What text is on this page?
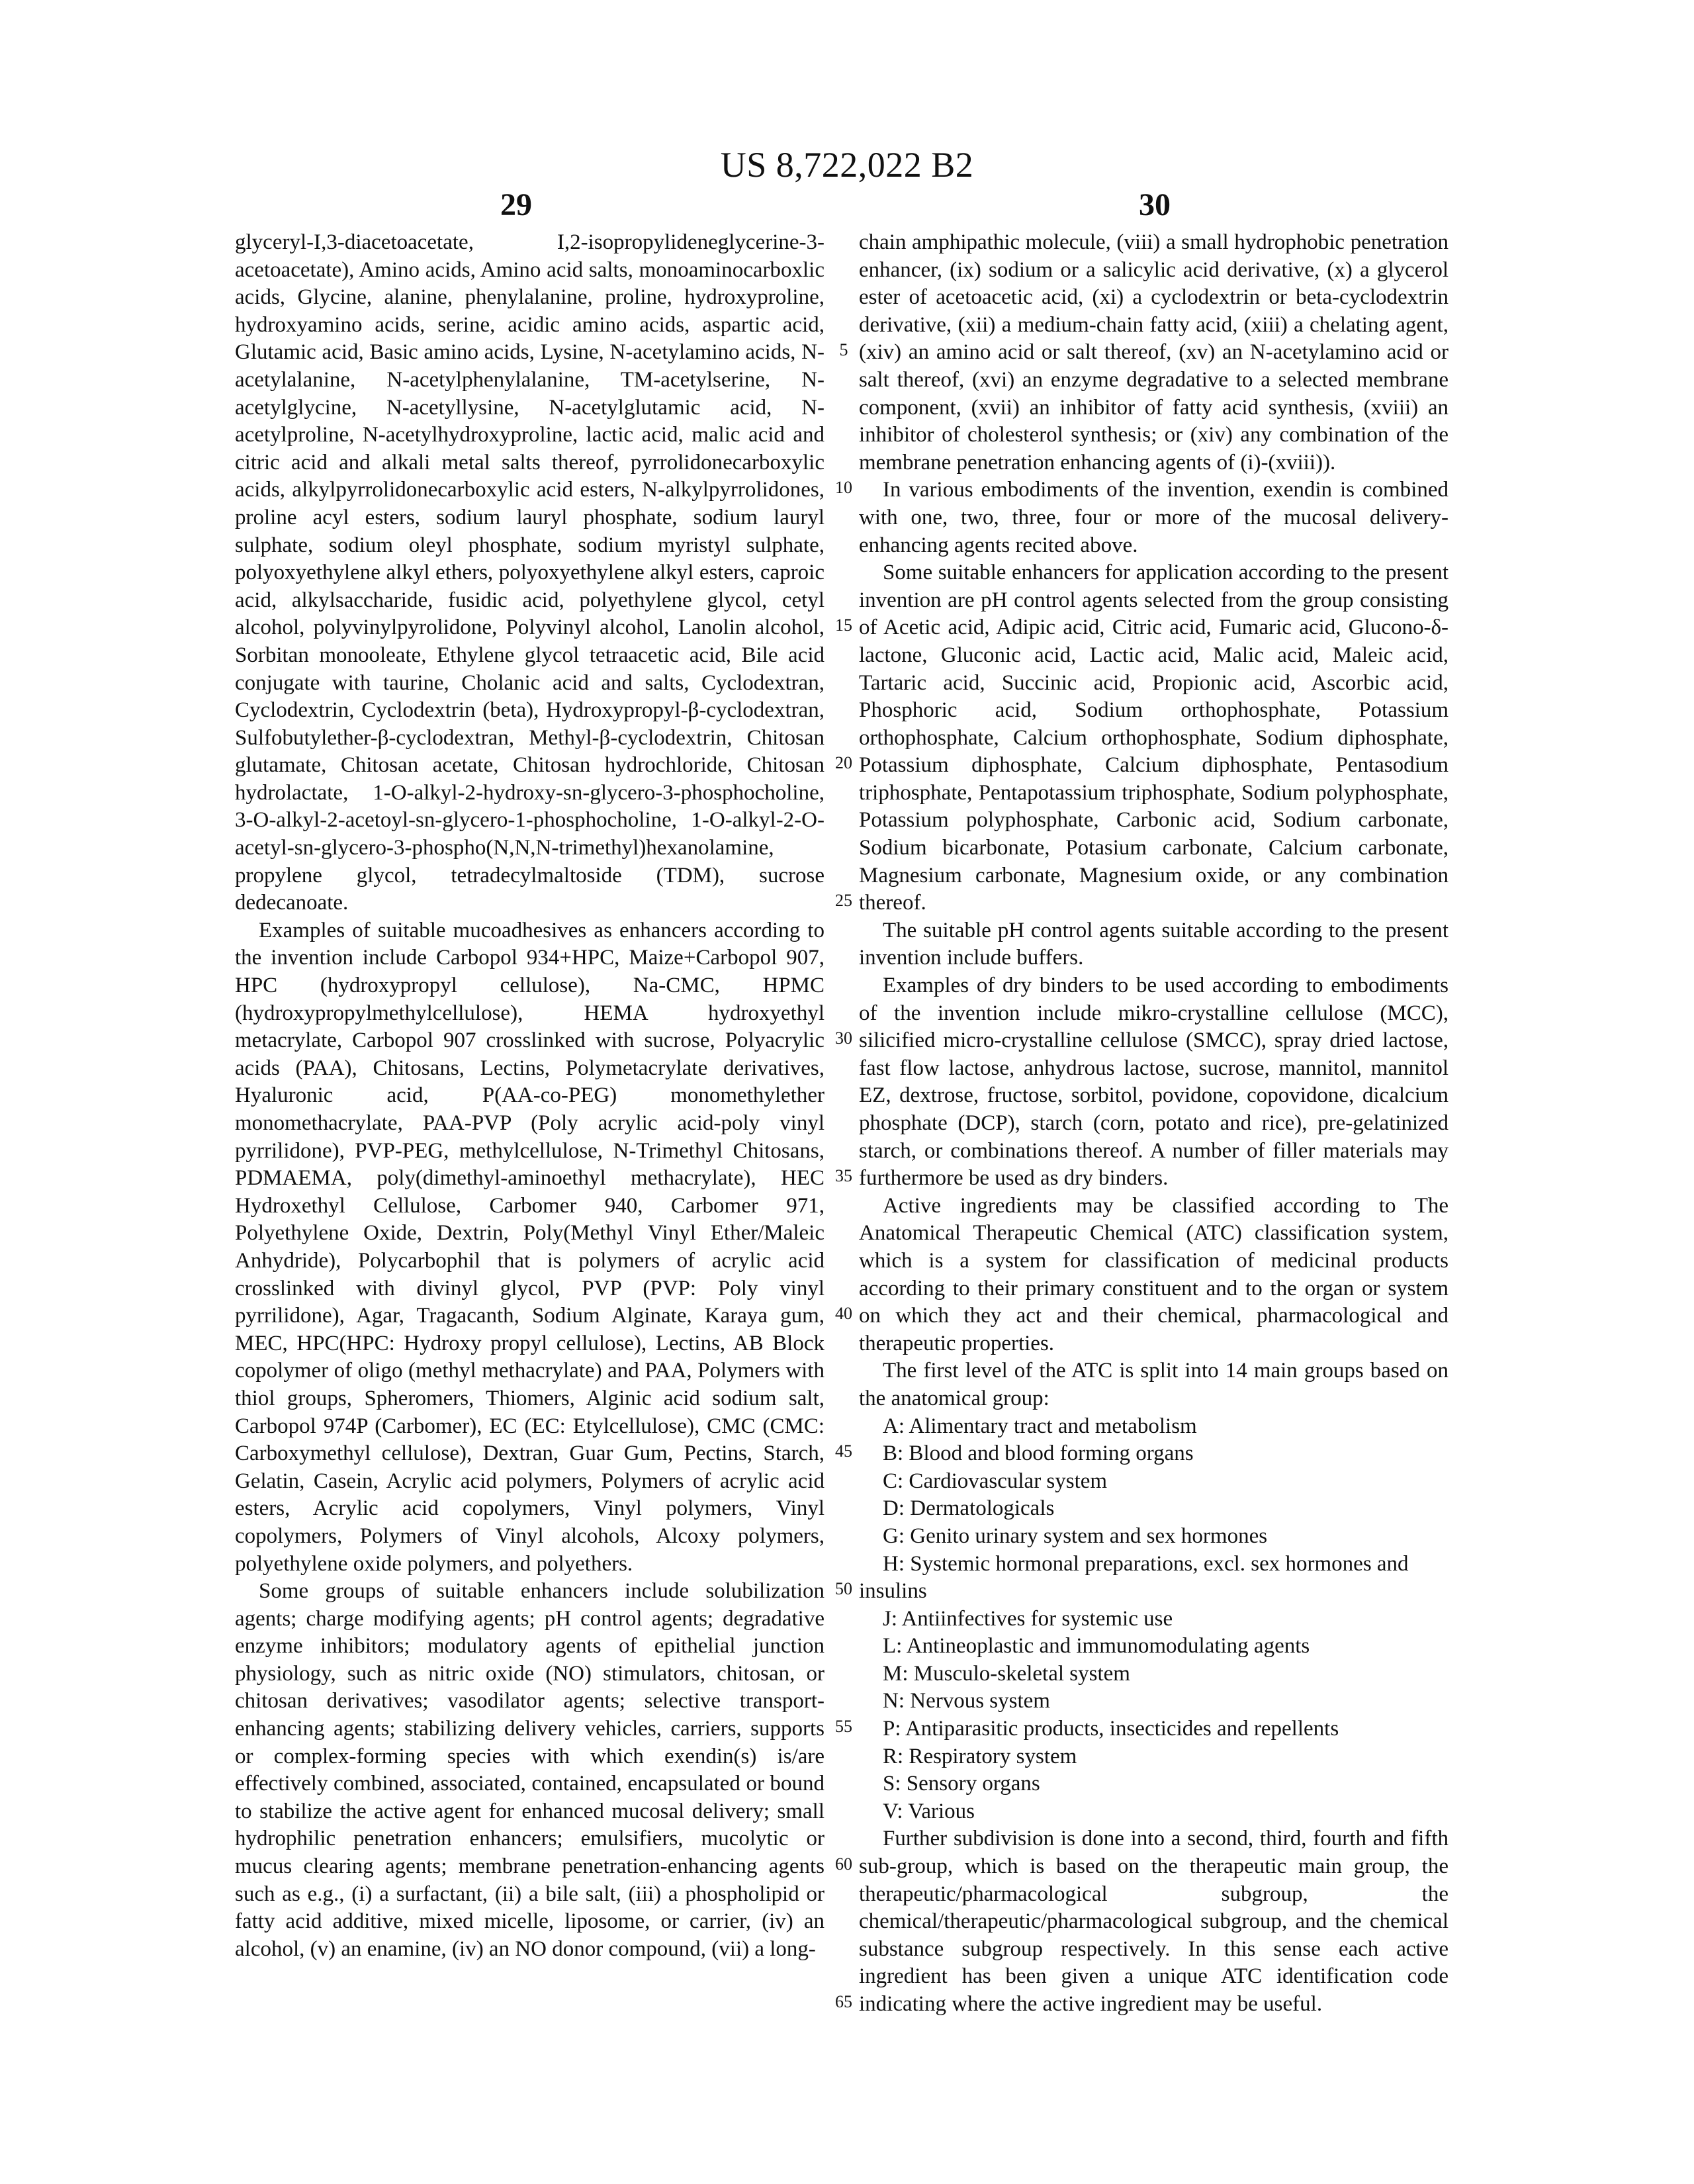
US 8,722,022 B2
29	30

glyceryl-I,3-diacetoacetate, I,2-isopropylideneglycerine-3-acetoacetate), Amino acids, Amino acid salts, monoaminocarboxlic acids, Glycine, alanine, phenylalanine, proline, hydroxyproline, hydroxyamino acids, serine, acidic amino acids, aspartic acid, Glutamic acid, Basic amino acids, Lysine, N-acetylamino acids, N-acetylalanine, N-acetylphenylalanine, TM-acetylserine, N-acetylglycine, N-acetyllysine, N-acetylglutamic acid, N-acetylproline, N-acetylhydroxyproline, lactic acid, malic acid and citric acid and alkali metal salts thereof, pyrrolidonecarboxylic acids, alkylpyrrolidonecarboxylic acid esters, N-alkylpyrrolidones, proline acyl esters, sodium lauryl phosphate, sodium lauryl sulphate, sodium oleyl phosphate, sodium myristyl sulphate, polyoxyethylene alkyl ethers, polyoxyethylene alkyl esters, caproic acid, alkylsaccharide, fusidic acid, polyethylene glycol, cetyl alcohol, polyvinylpyrolidone, Polyvinyl alcohol, Lanolin alcohol, Sorbitan monooleate, Ethylene glycol tetraacetic acid, Bile acid conjugate with taurine, Cholanic acid and salts, Cyclodextran, Cyclodextrin, Cyclodextrin (beta), Hydroxypropyl-β-cyclodextran, Sulfobutylether-β-cyclodextran, Methyl-β-cyclodextrin, Chitosan glutamate, Chitosan acetate, Chitosan hydrochloride, Chitosan hydrolactate, 1-O-alkyl-2-hydroxy-sn-glycero-3-phosphocholine, 3-O-alkyl-2-acetoyl-sn-glycero-1-phosphocholine, 1-O-alkyl-2-O-acetyl-sn-glycero-3-phospho(N,N,N-trimethyl)hexanolamine, propylene glycol, tetradecylmaltoside (TDM), sucrose dedecanoate.

Examples of suitable mucoadhesives as enhancers according to the invention include Carbopol 934+HPC, Maize+Carbopol 907, HPC (hydroxypropyl cellulose), Na-CMC, HPMC (hydroxypropylmethylcellulose), HEMA hydroxyethyl metacrylate, Carbopol 907 crosslinked with sucrose, Polyacrylic acids (PAA), Chitosans, Lectins, Polymetacrylate derivatives, Hyaluronic acid, P(AA-co-PEG) monomethylether monomethacrylate, PAA-PVP (Poly acrylic acid-poly vinyl pyrrilidone), PVP-PEG, methylcellulose, N-Trimethyl Chitosans, PDMAEMA, poly(dimethyl-aminoethyl methacrylate), HEC Hydroxethyl Cellulose, Carbomer 940, Carbomer 971, Polyethylene Oxide, Dextrin, Poly(Methyl Vinyl Ether/Maleic Anhydride), Polycarbophil that is polymers of acrylic acid crosslinked with divinyl glycol, PVP (PVP: Poly vinyl pyrrilidone), Agar, Tragacanth, Sodium Alginate, Karaya gum, MEC, HPC(HPC: Hydroxy propyl cellulose), Lectins, AB Block copolymer of oligo (methyl methacrylate) and PAA, Polymers with thiol groups, Spheromers, Thiomers, Alginic acid sodium salt, Carbopol 974P (Carbomer), EC (EC: Etylcellulose), CMC (CMC: Carboxymethyl cellulose), Dextran, Guar Gum, Pectins, Starch, Gelatin, Casein, Acrylic acid polymers, Polymers of acrylic acid esters, Acrylic acid copolymers, Vinyl polymers, Vinyl copolymers, Polymers of Vinyl alcohols, Alcoxy polymers, polyethylene oxide polymers, and polyethers.

Some groups of suitable enhancers include solubilization agents; charge modifying agents; pH control agents; degradative enzyme inhibitors; modulatory agents of epithelial junction physiology, such as nitric oxide (NO) stimulators, chitosan, or chitosan derivatives; vasodilator agents; selective transport-enhancing agents; stabilizing delivery vehicles, carriers, supports or complex-forming species with which exendin(s) is/are effectively combined, associated, contained, encapsulated or bound to stabilize the active agent for enhanced mucosal delivery; small hydrophilic penetration enhancers; emulsifiers, mucolytic or mucus clearing agents; membrane penetration-enhancing agents such as e.g., (i) a surfactant, (ii) a bile salt, (iii) a phospholipid or fatty acid additive, mixed micelle, liposome, or carrier, (iv) an alcohol, (v) an enamine, (iv) an NO donor compound, (vii) a long-

5
10
15
20
25
30
35
40
45
50
55
60
65

chain amphipathic molecule, (viii) a small hydrophobic penetration enhancer, (ix) sodium or a salicylic acid derivative, (x) a glycerol ester of acetoacetic acid, (xi) a cyclodextrin or beta-cyclodextrin derivative, (xii) a medium-chain fatty acid, (xiii) a chelating agent, (xiv) an amino acid or salt thereof, (xv) an N-acetylamino acid or salt thereof, (xvi) an enzyme degradative to a selected membrane component, (xvii) an inhibitor of fatty acid synthesis, (xviii) an inhibitor of cholesterol synthesis; or (xiv) any combination of the membrane penetration enhancing agents of (i)-(xviii)).

In various embodiments of the invention, exendin is combined with one, two, three, four or more of the mucosal delivery-enhancing agents recited above.

Some suitable enhancers for application according to the present invention are pH control agents selected from the group consisting of Acetic acid, Adipic acid, Citric acid, Fumaric acid, Glucono-δ-lactone, Gluconic acid, Lactic acid, Malic acid, Maleic acid, Tartaric acid, Succinic acid, Propionic acid, Ascorbic acid, Phosphoric acid, Sodium orthophosphate, Potassium orthophosphate, Calcium orthophosphate, Sodium diphosphate, Potassium diphosphate, Calcium diphosphate, Pentasodium triphosphate, Pentapotassium triphosphate, Sodium polyphosphate, Potassium polyphosphate, Carbonic acid, Sodium carbonate, Sodium bicarbonate, Potasium carbonate, Calcium carbonate, Magnesium carbonate, Magnesium oxide, or any combination thereof.

The suitable pH control agents suitable according to the present invention include buffers.

Examples of dry binders to be used according to embodiments of the invention include mikro-crystalline cellulose (MCC), silicified micro-crystalline cellulose (SMCC), spray dried lactose, fast flow lactose, anhydrous lactose, sucrose, mannitol, mannitol EZ, dextrose, fructose, sorbitol, povidone, copovidone, dicalcium phosphate (DCP), starch (corn, potato and rice), pre-gelatinized starch, or combinations thereof. A number of filler materials may furthermore be used as dry binders.

Active ingredients may be classified according to The Anatomical Therapeutic Chemical (ATC) classification system, which is a system for classification of medicinal products according to their primary constituent and to the organ or system on which they act and their chemical, pharmacological and therapeutic properties.

The first level of the ATC is split into 14 main groups based on the anatomical group:

A: Alimentary tract and metabolism

B: Blood and blood forming organs

C: Cardiovascular system

D: Dermatologicals

G: Genito urinary system and sex hormones

H: Systemic hormonal preparations, excl. sex hormones and insulins

J: Antiinfectives for systemic use

L: Antineoplastic and immunomodulating agents

M: Musculo-skeletal system

N: Nervous system

P: Antiparasitic products, insecticides and repellents

R: Respiratory system

S: Sensory organs

V: Various

Further subdivision is done into a second, third, fourth and fifth sub-group, which is based on the therapeutic main group, the therapeutic/pharmacological subgroup, the chemical/therapeutic/pharmacological subgroup, and the chemical substance subgroup respectively. In this sense each active ingredient has been given a unique ATC identification code indicating where the active ingredient may be useful.
